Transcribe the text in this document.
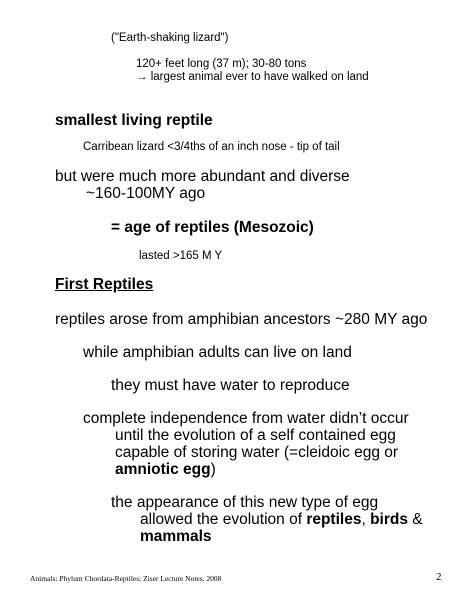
("Earth-shaking lizard")
120+ feet long (37 m); 30-80 tons
→ largest animal ever to have walked on land
smallest living reptile
Carribean lizard <3/4ths of an inch nose - tip of tail
but were much more abundant and diverse
~160-100MY ago
= age of reptiles (Mesozoic)
lasted >165 M Y
First Reptiles
reptiles arose from amphibian ancestors ~280 MY ago
while amphibian adults can live on land
they must have water to reproduce
complete independence from water didn’t occur
until the evolution of a self contained egg
capable of storing water (=cleidoic egg or
amniotic egg)
the appearance of this new type of egg
allowed the evolution of reptiles, birds &
mammals
Animals: Phylum Chordata-Reptiles; Ziser Lecture Notes, 2008	2
